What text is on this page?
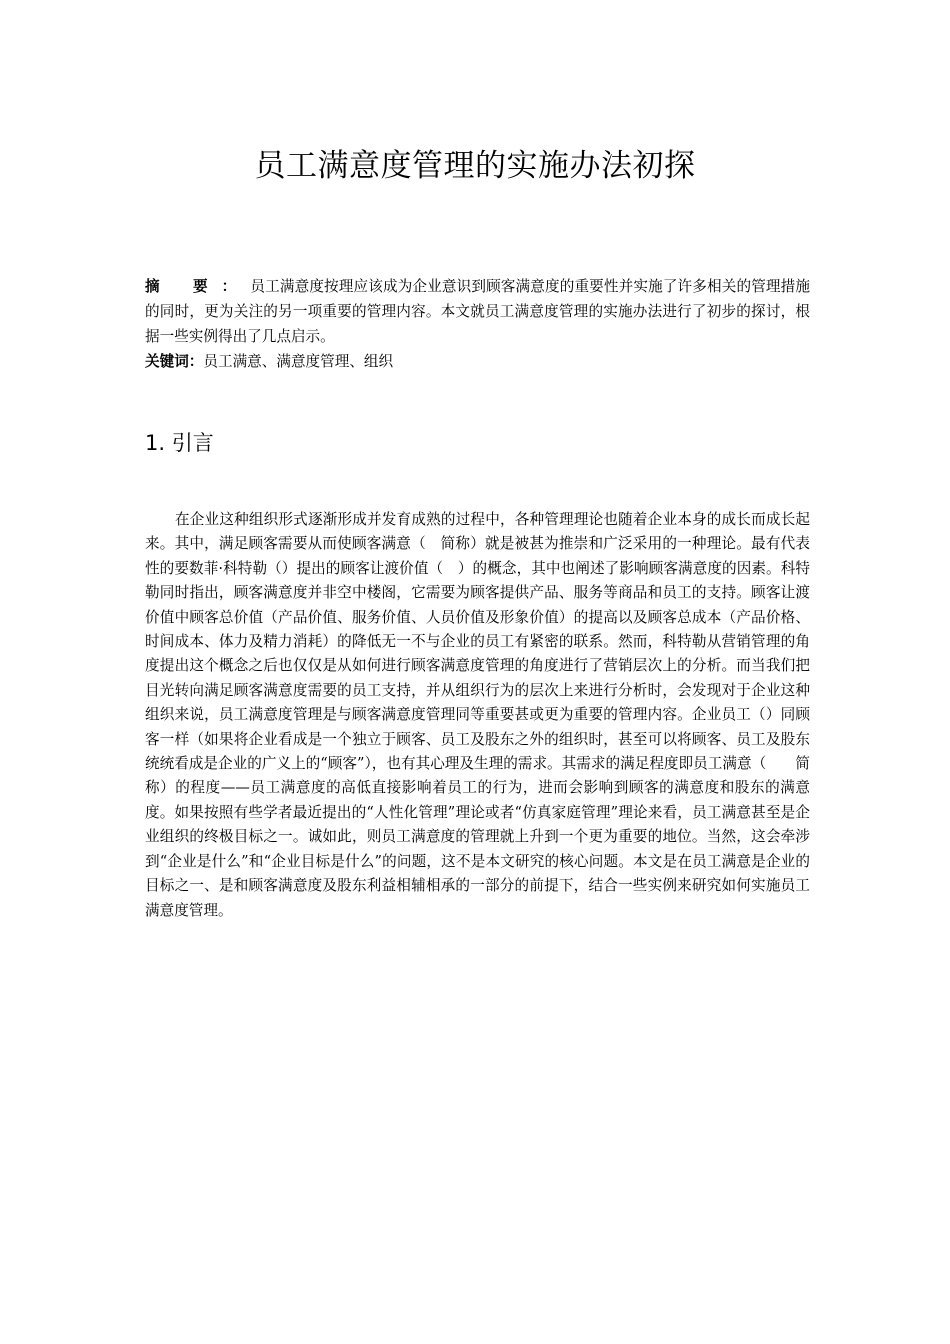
员工满意度管理的实施办法初探
摘 要：员工满意度按理应该成为企业意识到顾客满意度的重要性并实施了许多相关的管理措施的同时，更为关注的另一项重要的管理内容。本文就员工满意度管理的实施办法进行了初步的探讨，根据一些实例得出了几点启示。
关键词：员工满意、满意度管理、组织
1. 引言

在企业这种组织形式逐渐形成并发育成熟的过程中，各种管理理论也随着企业本身的成长而成长起来。其中，满足顾客需要从而使顾客满意（　简称）就是被甚为推崇和广泛采用的一种理论。最有代表性的要数菲·科特勒（）提出的顾客让渡价值（　）的概念，其中也阐述了影响顾客满意度的因素。科特勒同时指出，顾客满意度并非空中楼阁，它需要为顾客提供产品、服务等商品和员工的支持。顾客让渡价值中顾客总价值（产品价值、服务价值、人员价值及形象价值）的提高以及顾客总成本（产品价格、时间成本、体力及精力消耗）的降低无一不与企业的员工有紧密的联系。然而，科特勒从营销管理的角度提出这个概念之后也仅仅是从如何进行顾客满意度管理的角度进行了营销层次上的分析。而当我们把目光转向满足顾客满意度需要的员工支持，并从组织行为的层次上来进行分析时，会发现对于企业这种组织来说，员工满意度管理是与顾客满意度管理同等重要甚或更为重要的管理内容。企业员工（）同顾客一样（如果将企业看成是一个独立于顾客、员工及股东之外的组织时，甚至可以将顾客、员工及股东统统看成是企业的广义上的“顾客”），也有其心理及生理的需求。其需求的满足程度即员工满意（　　简称）的程度——员工满意度的高低直接影响着员工的行为，进而会影响到顾客的满意度和股东的满意度。如果按照有些学者最近提出的“人性化管理”理论或者“仿真家庭管理”理论来看，员工满意甚至是企业组织的终极目标之一。诚如此，则员工满意度的管理就上升到一个更为重要的地位。当然，这会牵涉到“企业是什么”和“企业目标是什么”的问题，这不是本文研究的核心问题。本文是在员工满意是企业的目标之一、是和顾客满意度及股东利益相辅相承的一部分的前提下，结合一些实例来研究如何实施员工满意度管理。
